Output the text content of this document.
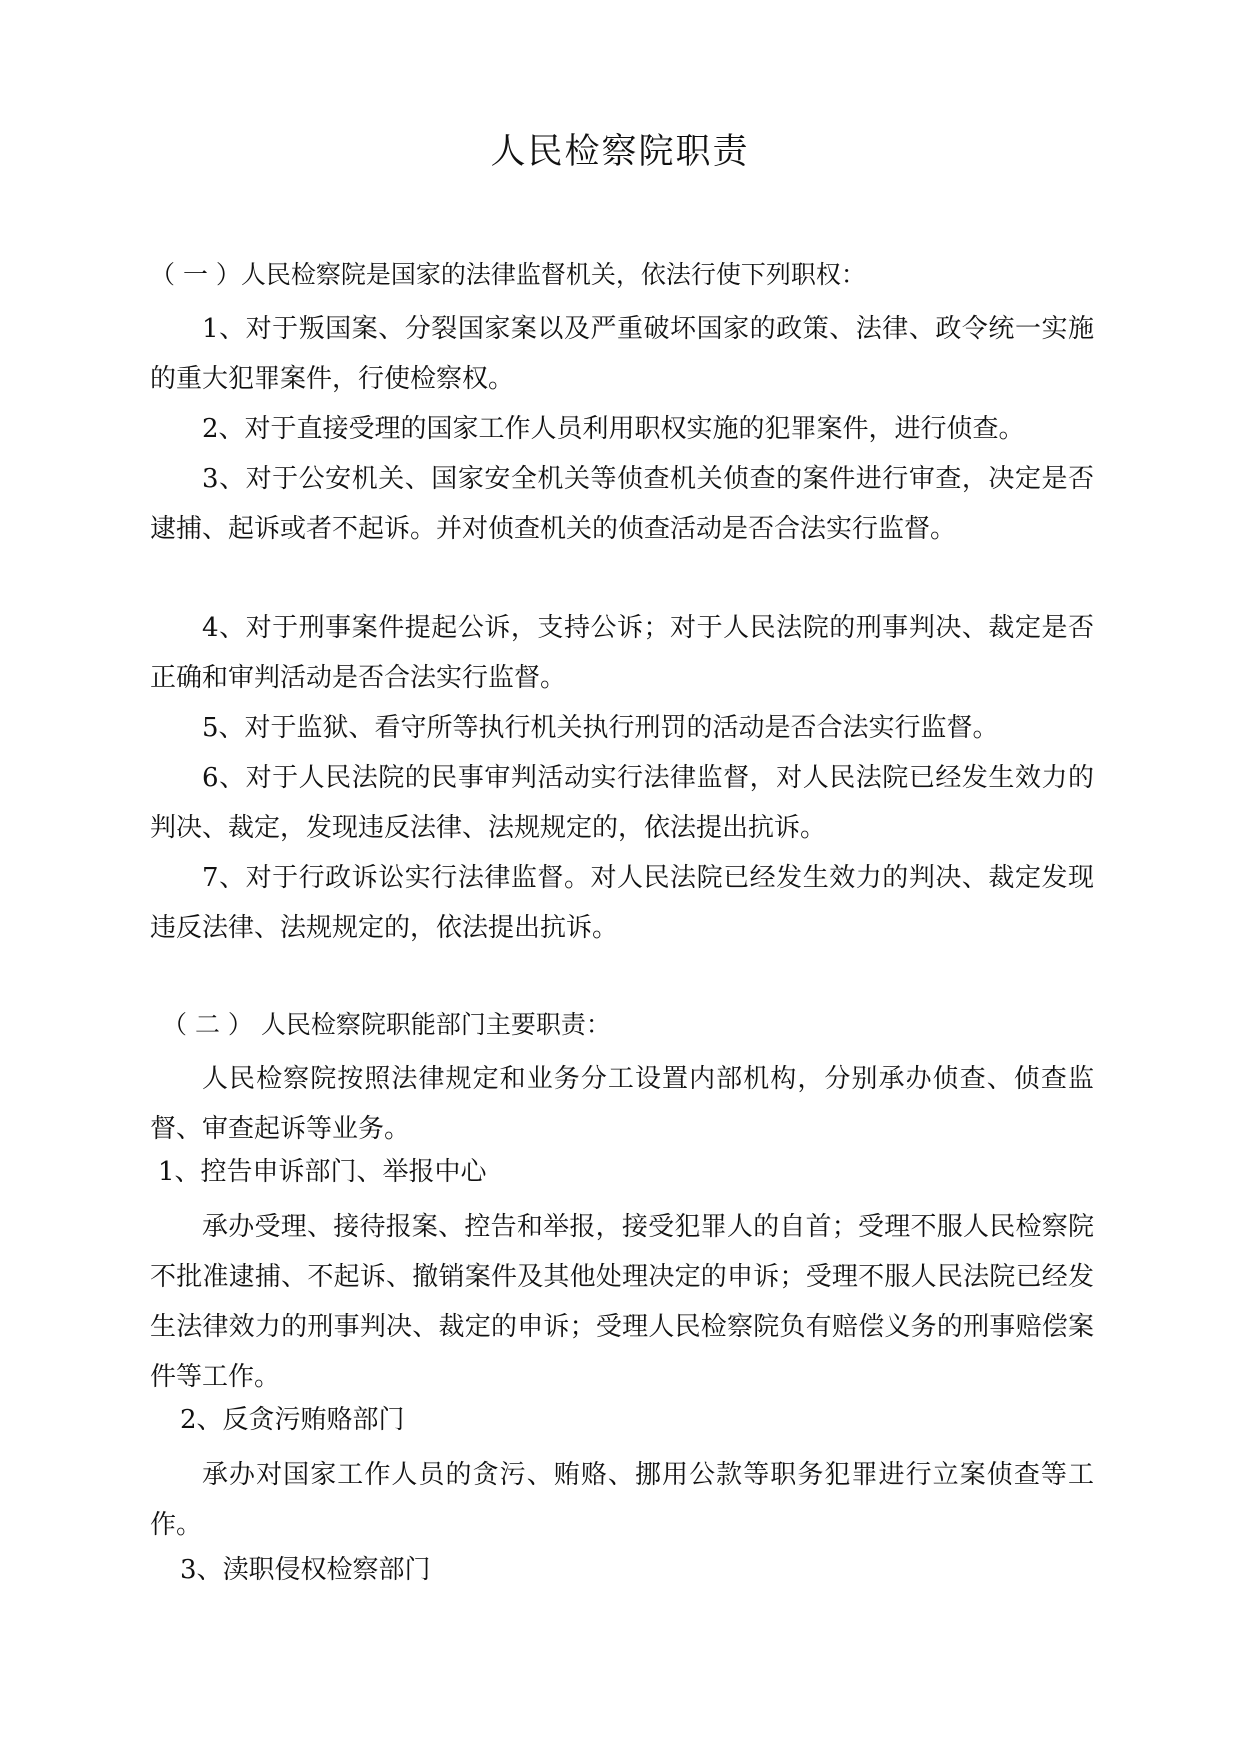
人民检察院职责
（ 一 ）人民检察院是国家的法律监督机关，依法行使下列职权：

1、对于叛国案、分裂国家案以及严重破坏国家的政策、法律、政令统一实施的重大犯罪案件，行使检察权。

2、对于直接受理的国家工作人员利用职权实施的犯罪案件，进行侦查。

3、对于公安机关、国家安全机关等侦查机关侦查的案件进行审查，决定是否逮捕、起诉或者不起诉。并对侦查机关的侦查活动是否合法实行监督。

4、对于刑事案件提起公诉，支持公诉；对于人民法院的刑事判决、裁定是否正确和审判活动是否合法实行监督。

5、对于监狱、看守所等执行机关执行刑罚的活动是否合法实行监督。

6、对于人民法院的民事审判活动实行法律监督，对人民法院已经发生效力的判决、裁定，发现违反法律、法规规定的，依法提出抗诉。

7、对于行政诉讼实行法律监督。对人民法院已经发生效力的判决、裁定发现违反法律、法规规定的，依法提出抗诉。

（ 二 ） 人民检察院职能部门主要职责：

人民检察院按照法律规定和业务分工设置内部机构，分别承办侦查、侦查监督、审查起诉等业务。

1、控告申诉部门、举报中心

承办受理、接待报案、控告和举报，接受犯罪人的自首；受理不服人民检察院不批准逮捕、不起诉、撤销案件及其他处理决定的申诉；受理不服人民法院已经发生法律效力的刑事判决、裁定的申诉；受理人民检察院负有赔偿义务的刑事赔偿案件等工作。

2、反贪污贿赂部门

承办对国家工作人员的贪污、贿赂、挪用公款等职务犯罪进行立案侦查等工作。

3、渎职侵权检察部门
